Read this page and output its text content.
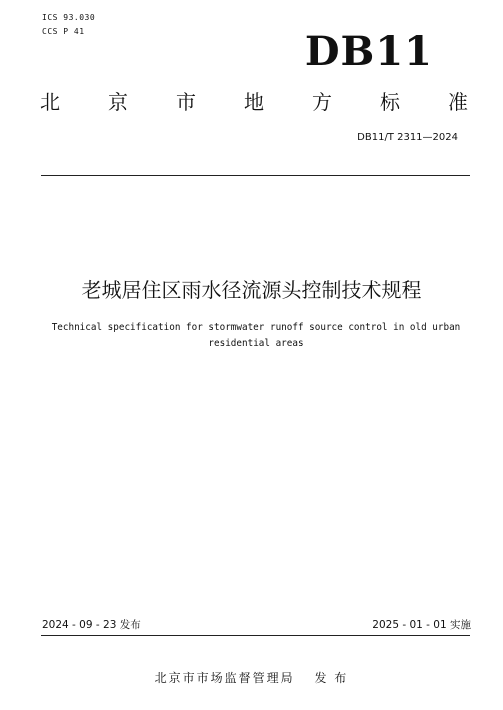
ICS 93.030
CCS P 41	DB11
北 京 市 地 方 标 准
DB11/T 2311—2024
老城居住区雨水径流源头控制技术规程
Technical specification for stormwater runoff source control in old urban residential areas
2024 - 09 - 23 发布	2025 - 01 - 01 实施
北京市市场监督管理局　 发 布
